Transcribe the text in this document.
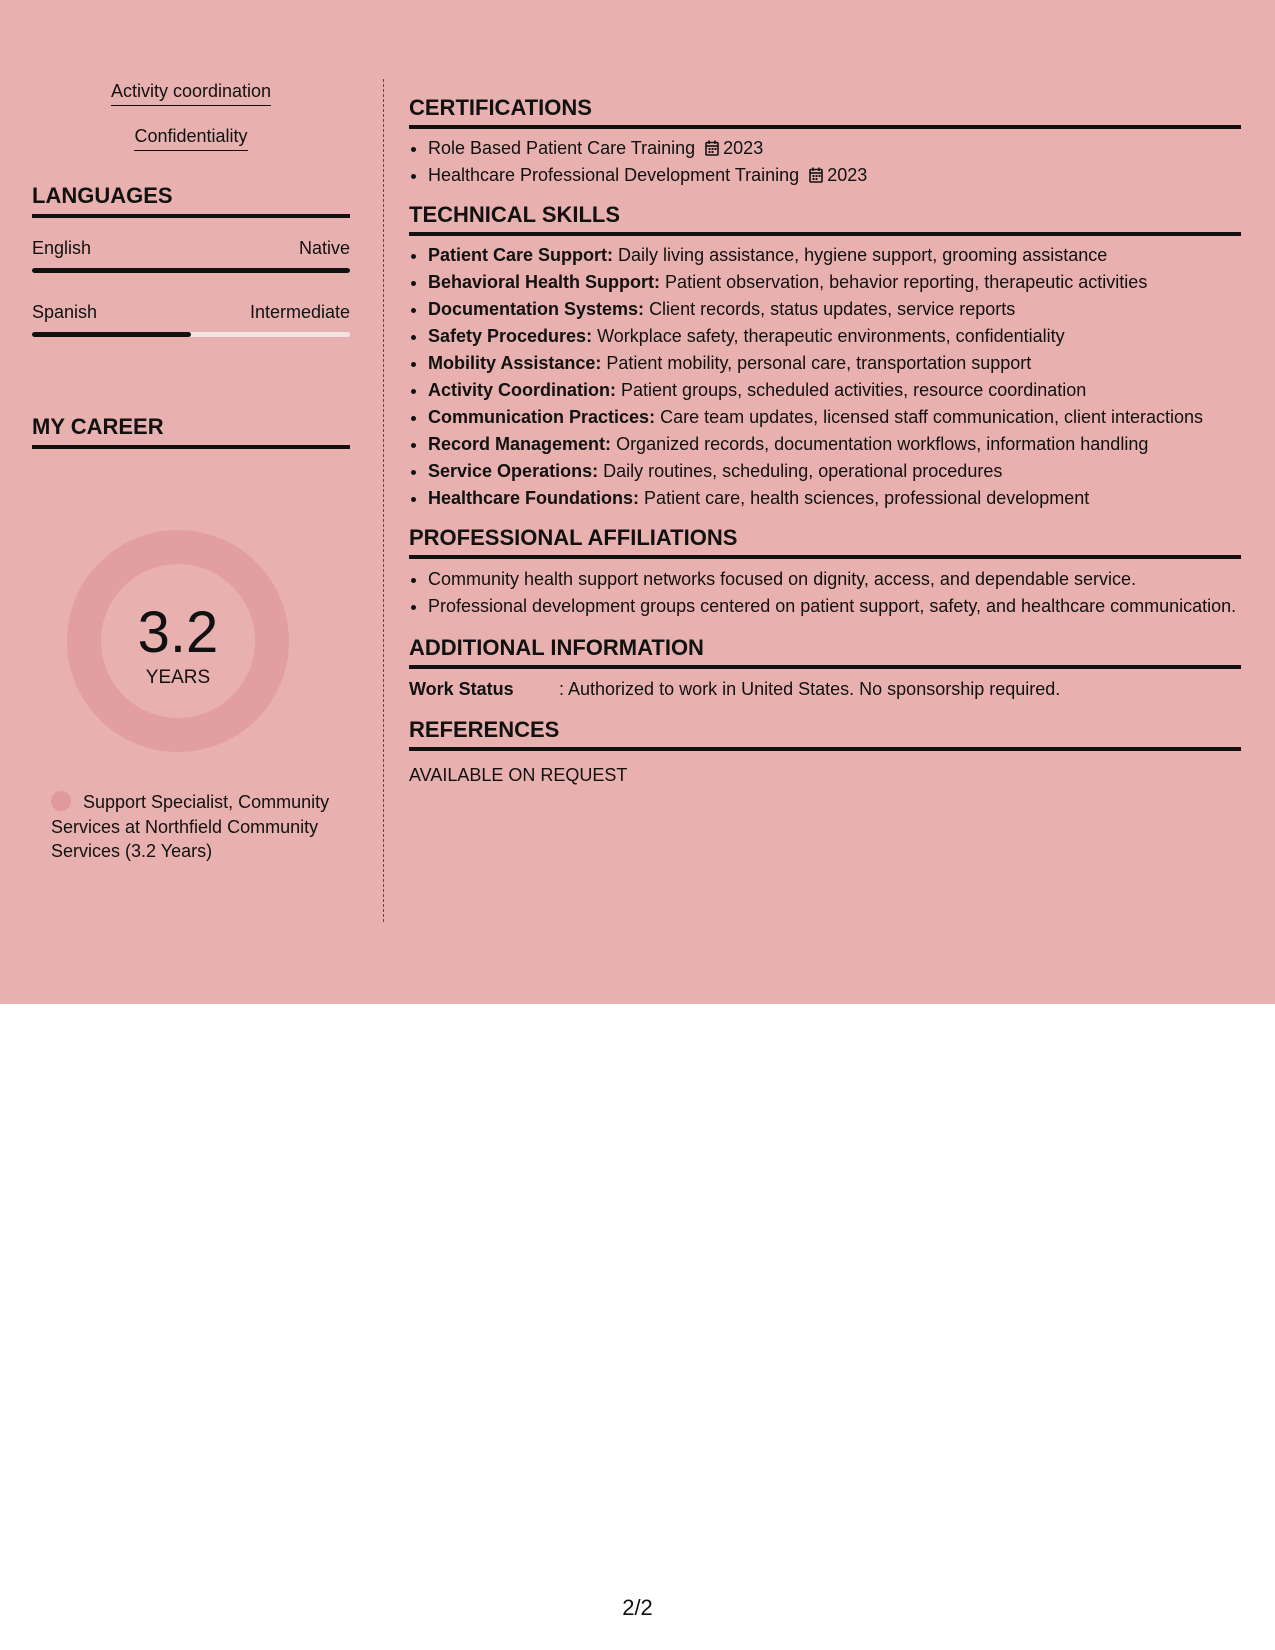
Activity coordination
Confidentiality
LANGUAGES
English	Native
Spanish	Intermediate
MY CAREER
3.2
YEARS
Support Specialist, Community Services at Northfield Community Services (3.2 Years)
CERTIFICATIONS
• Role Based Patient Care Training 2023
• Healthcare Professional Development Training 2023
TECHNICAL SKILLS
• Patient Care Support: Daily living assistance, hygiene support, grooming assistance
• Behavioral Health Support: Patient observation, behavior reporting, therapeutic activities
• Documentation Systems: Client records, status updates, service reports
• Safety Procedures: Workplace safety, therapeutic environments, confidentiality
• Mobility Assistance: Patient mobility, personal care, transportation support
• Activity Coordination: Patient groups, scheduled activities, resource coordination
• Communication Practices: Care team updates, licensed staff communication, client interactions
• Record Management: Organized records, documentation workflows, information handling
• Service Operations: Daily routines, scheduling, operational procedures
• Healthcare Foundations: Patient care, health sciences, professional development
PROFESSIONAL AFFILIATIONS
• Community health support networks focused on dignity, access, and dependable service.
• Professional development groups centered on patient support, safety, and healthcare communication.
ADDITIONAL INFORMATION
Work Status	: Authorized to work in United States. No sponsorship required.
REFERENCES
AVAILABLE ON REQUEST
2/2
